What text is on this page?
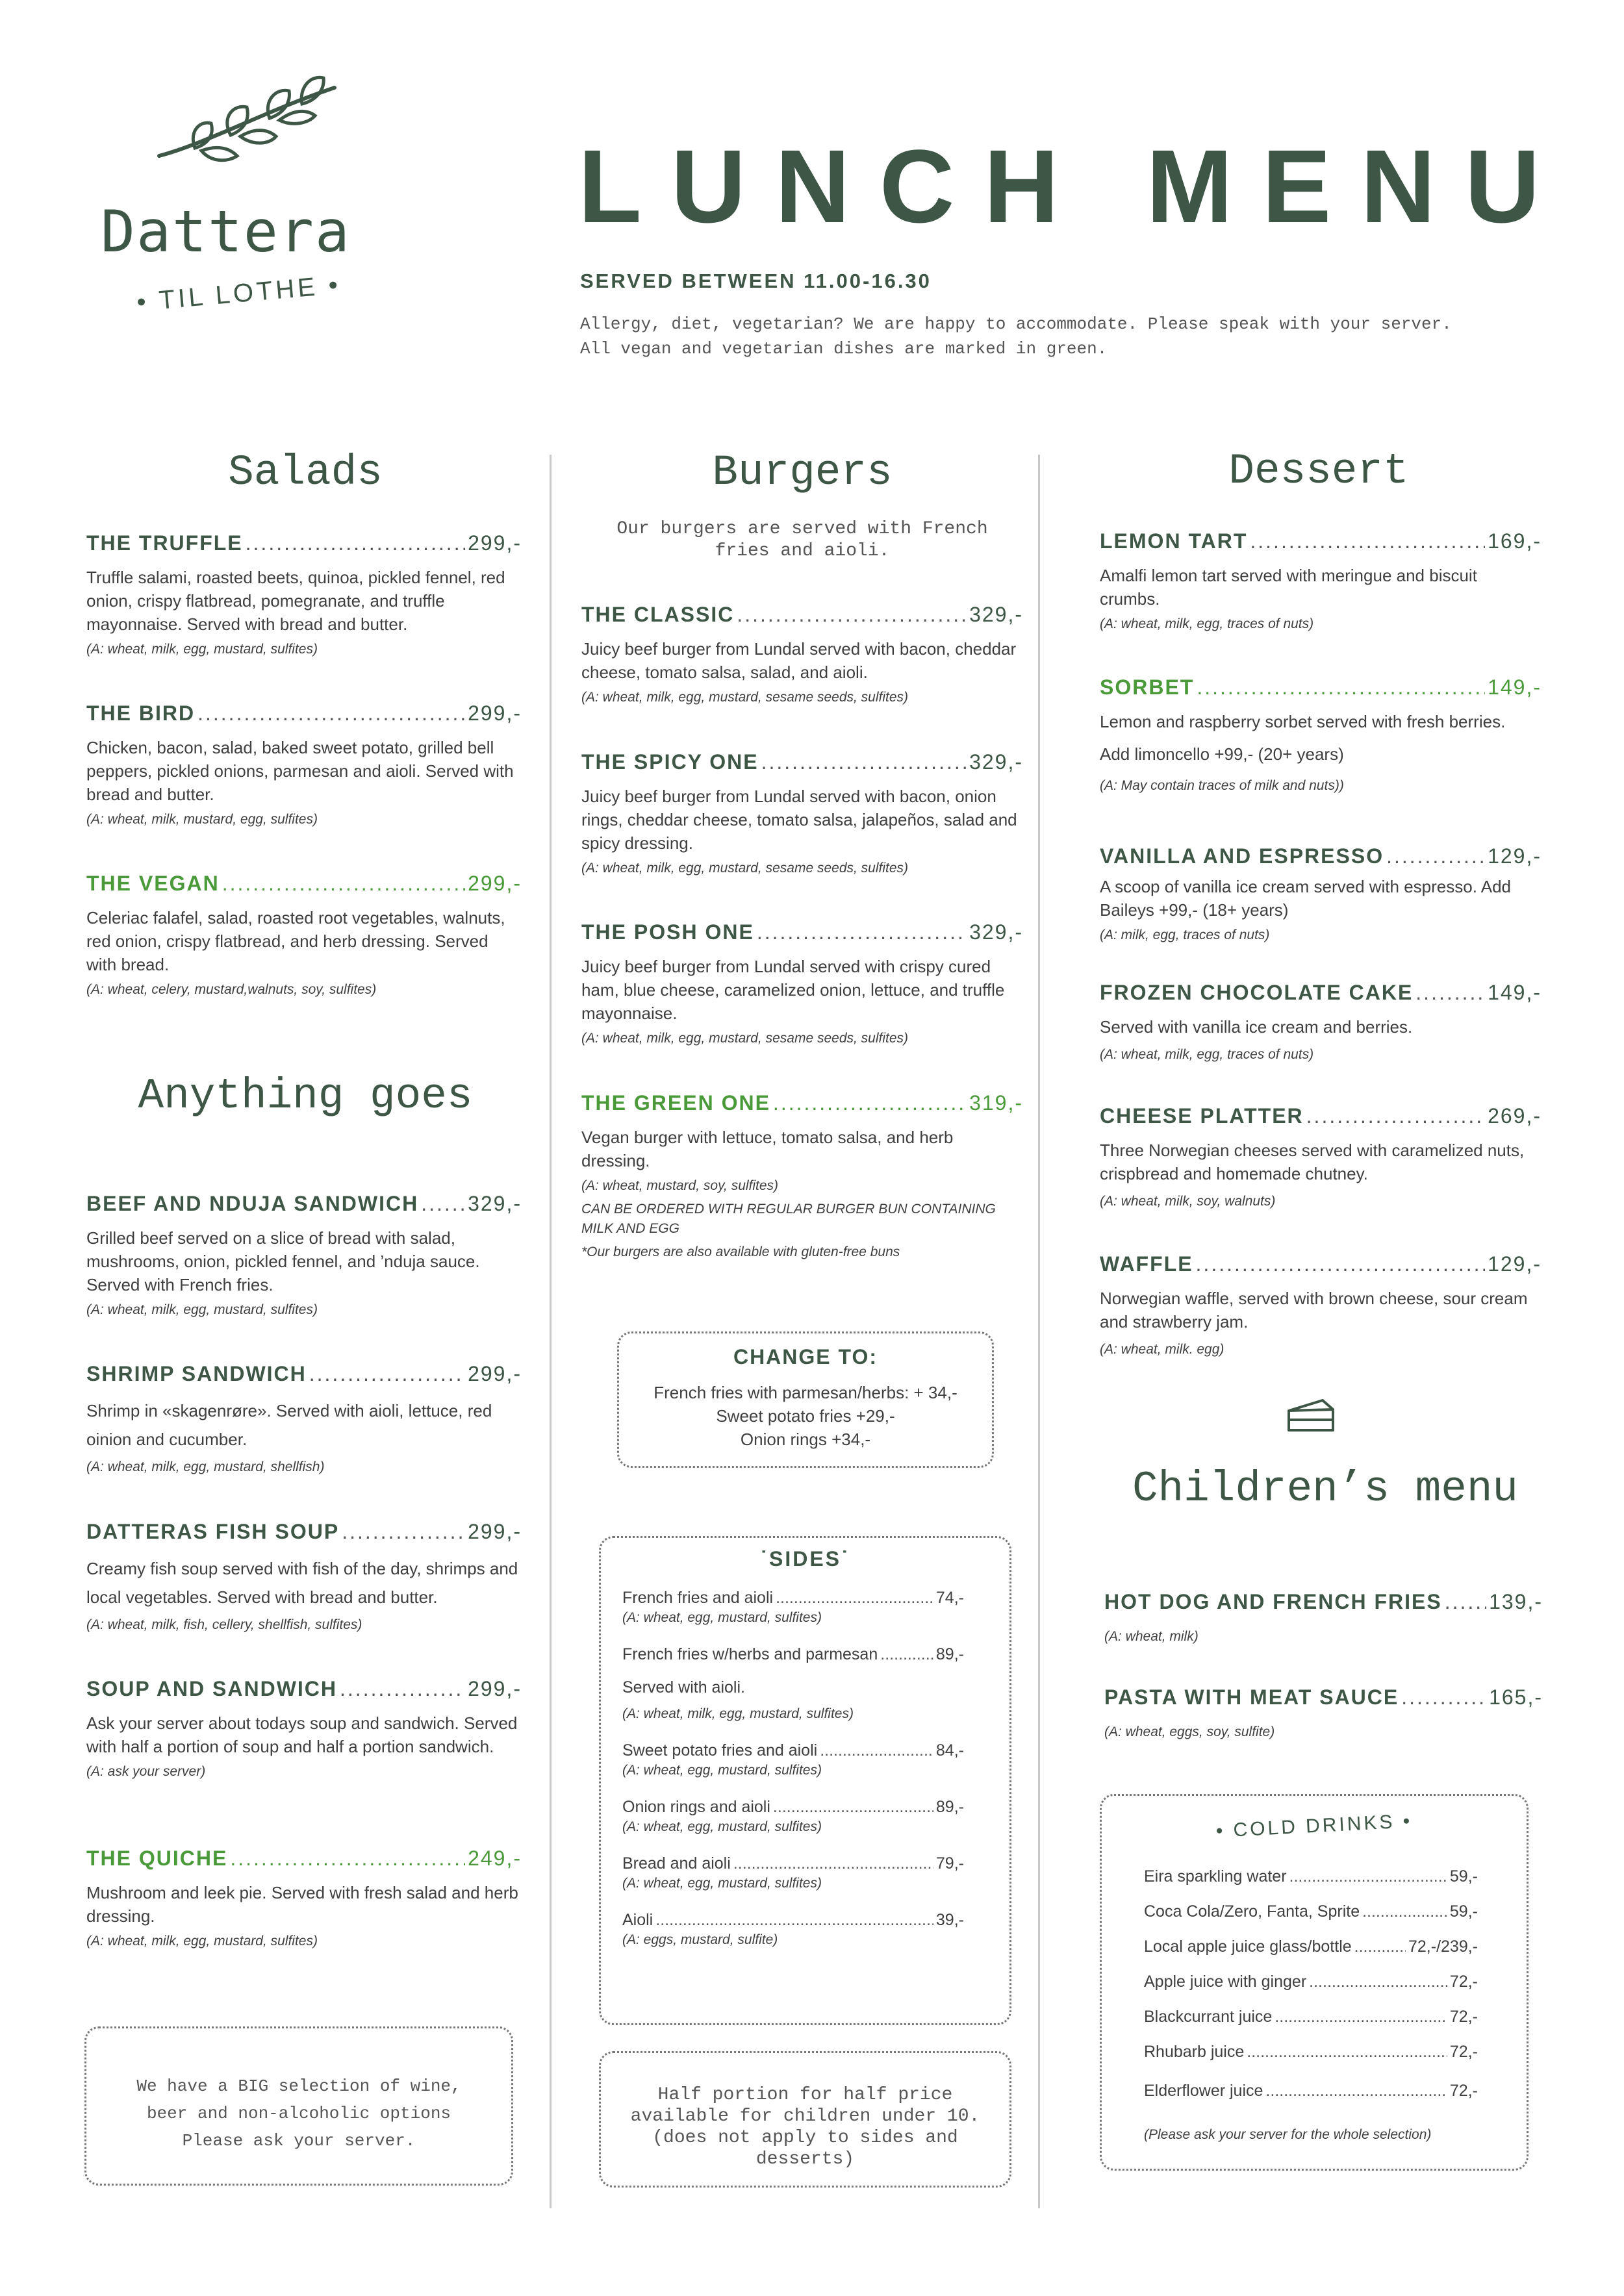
Dattera
• TIL LOTHE •
LUNCH MENU
SERVED BETWEEN 11.00-16.30
Allergy, diet, vegetarian? We are happy to accommodate. Please speak with your server.
All vegan and vegetarian dishes are marked in green.
Salads
THE TRUFFLE .....	299,-
Truffle salami, roasted beets, quinoa, pickled fennel, red onion, crispy flatbread, pomegranate, and truffle mayonnaise. Served with bread and butter.
(A: wheat, milk, egg, mustard, sulfites)
THE BIRD .....	299,-
Chicken, bacon, salad, baked sweet potato, grilled bell peppers, pickled onions, parmesan and aioli. Served with bread and butter.
(A: wheat, milk, mustard, egg, sulfites)
THE VEGAN .....	299,-
Celeriac falafel, salad, roasted root vegetables, walnuts, red onion, crispy flatbread, and herb dressing. Served with bread.
(A: wheat, celery, mustard,walnuts, soy, sulfites)
Anything goes
BEEF AND NDUJA SANDWICH ..... 329,-
Grilled beef served on a slice of bread with salad, mushrooms, onion, pickled fennel, and ’nduja sauce. Served with French fries.
(A: wheat, milk, egg, mustard, sulfites)
SHRIMP SANDWICH .....	299,-
Shrimp in «skagenrøre». Served with aioli, lettuce, red oinion and cucumber.
(A: wheat, milk, egg, mustard, shellfish)
DATTERAS FISH SOUP .....	299,-
Creamy fish soup served with fish of the day, shrimps and local vegetables. Served with bread and butter.
(A: wheat, milk, fish, cellery, shellfish, sulfites)
SOUP AND SANDWICH .....	299,-
Ask your server about todays soup and sandwich. Served with half a portion of soup and half a portion sandwich.
(A: ask your server)
THE QUICHE .....	249,-
Mushroom and leek pie. Served with fresh salad and herb dressing.
(A: wheat, milk, egg, mustard, sulfites)
We have a BIG selection of wine,
beer and non-alcoholic options
Please ask your server.
Burgers
Our burgers are served with French fries and aioli.
THE CLASSIC .....	329,-
Juicy beef burger from Lundal served with bacon, cheddar cheese, tomato salsa, salad, and aioli.
(A: wheat, milk, egg, mustard, sesame seeds, sulfites)
THE SPICY ONE .....	329,-
Juicy beef burger from Lundal served with bacon, onion rings, cheddar cheese, tomato salsa, jalapeños, salad and spicy dressing.
(A: wheat, milk, egg, mustard, sesame seeds, sulfites)
THE POSH ONE .....	329,-
Juicy beef burger from Lundal served with crispy cured ham, blue cheese, caramelized onion, lettuce, and truffle mayonnaise.
(A: wheat, milk, egg, mustard, sesame seeds, sulfites)
THE GREEN ONE .....	319,-
Vegan burger with lettuce, tomato salsa, and herb dressing.
(A: wheat, mustard, soy, sulfites)
CAN BE ORDERED WITH REGULAR BURGER BUN CONTAINING MILK AND EGG
*Our burgers are also available with gluten-free buns
CHANGE TO:
French fries with parmesan/herbs: + 34,-
Sweet potato fries +29,-
Onion rings +34,-
˙SIDES˙
French fries and aioli .....	74,-
(A: wheat, egg, mustard, sulfites)
French fries w/herbs and parmesan .....	89,-
Served with aioli.
(A: wheat, milk, egg, mustard, sulfites)
Sweet potato fries and aioli .....	84,-
(A: wheat, egg, mustard, sulfites)
Onion rings and aioli .....	89,-
(A: wheat, egg, mustard, sulfites)
Bread and aioli .....	79,-
(A: wheat, egg, mustard, sulfites)
Aioli .....	39,-
(A: eggs, mustard, sulfite)
Half portion for half price
available for children under 10.
(does not apply to sides and
desserts)
Dessert
LEMON TART .....	169,-
Amalfi lemon tart served with meringue and biscuit crumbs.
(A: wheat, milk, egg, traces of nuts)
SORBET .....	149,-
Lemon and raspberry sorbet served with fresh berries.
Add limoncello +99,- (20+ years)
(A: May contain traces of milk and nuts))
VANILLA AND ESPRESSO .....	129,-
A scoop of vanilla ice cream served with espresso. Add Baileys +99,- (18+ years)
(A: milk, egg, traces of nuts)
FROZEN CHOCOLATE CAKE .....	149,-
Served with vanilla ice cream and berries.
(A: wheat, milk, egg, traces of nuts)
CHEESE PLATTER .....	269,-
Three Norwegian cheeses served with caramelized nuts, crispbread and homemade chutney.
(A: wheat, milk, soy, walnuts)
WAFFLE .....	129,-
Norwegian waffle, served with brown cheese, sour cream and strawberry jam.
(A: wheat, milk. egg)
Children’s menu
HOT DOG AND FRENCH FRIES ..... 139,-
(A: wheat, milk)
PASTA WITH MEAT SAUCE .....	165,-
(A: wheat, eggs, soy, sulfite)
• COLD DRINKS •
Eira sparkling water .....	59,-
Coca Cola/Zero, Fanta, Sprite .....	59,-
Local apple juice glass/bottle .....	72,-/239,-
Apple juice with ginger .....	72,-
Blackcurrant juice .....	72,-
Rhubarb juice .....	72,-
Elderflower juice .....	72,-
(Please ask your server for the whole selection)
